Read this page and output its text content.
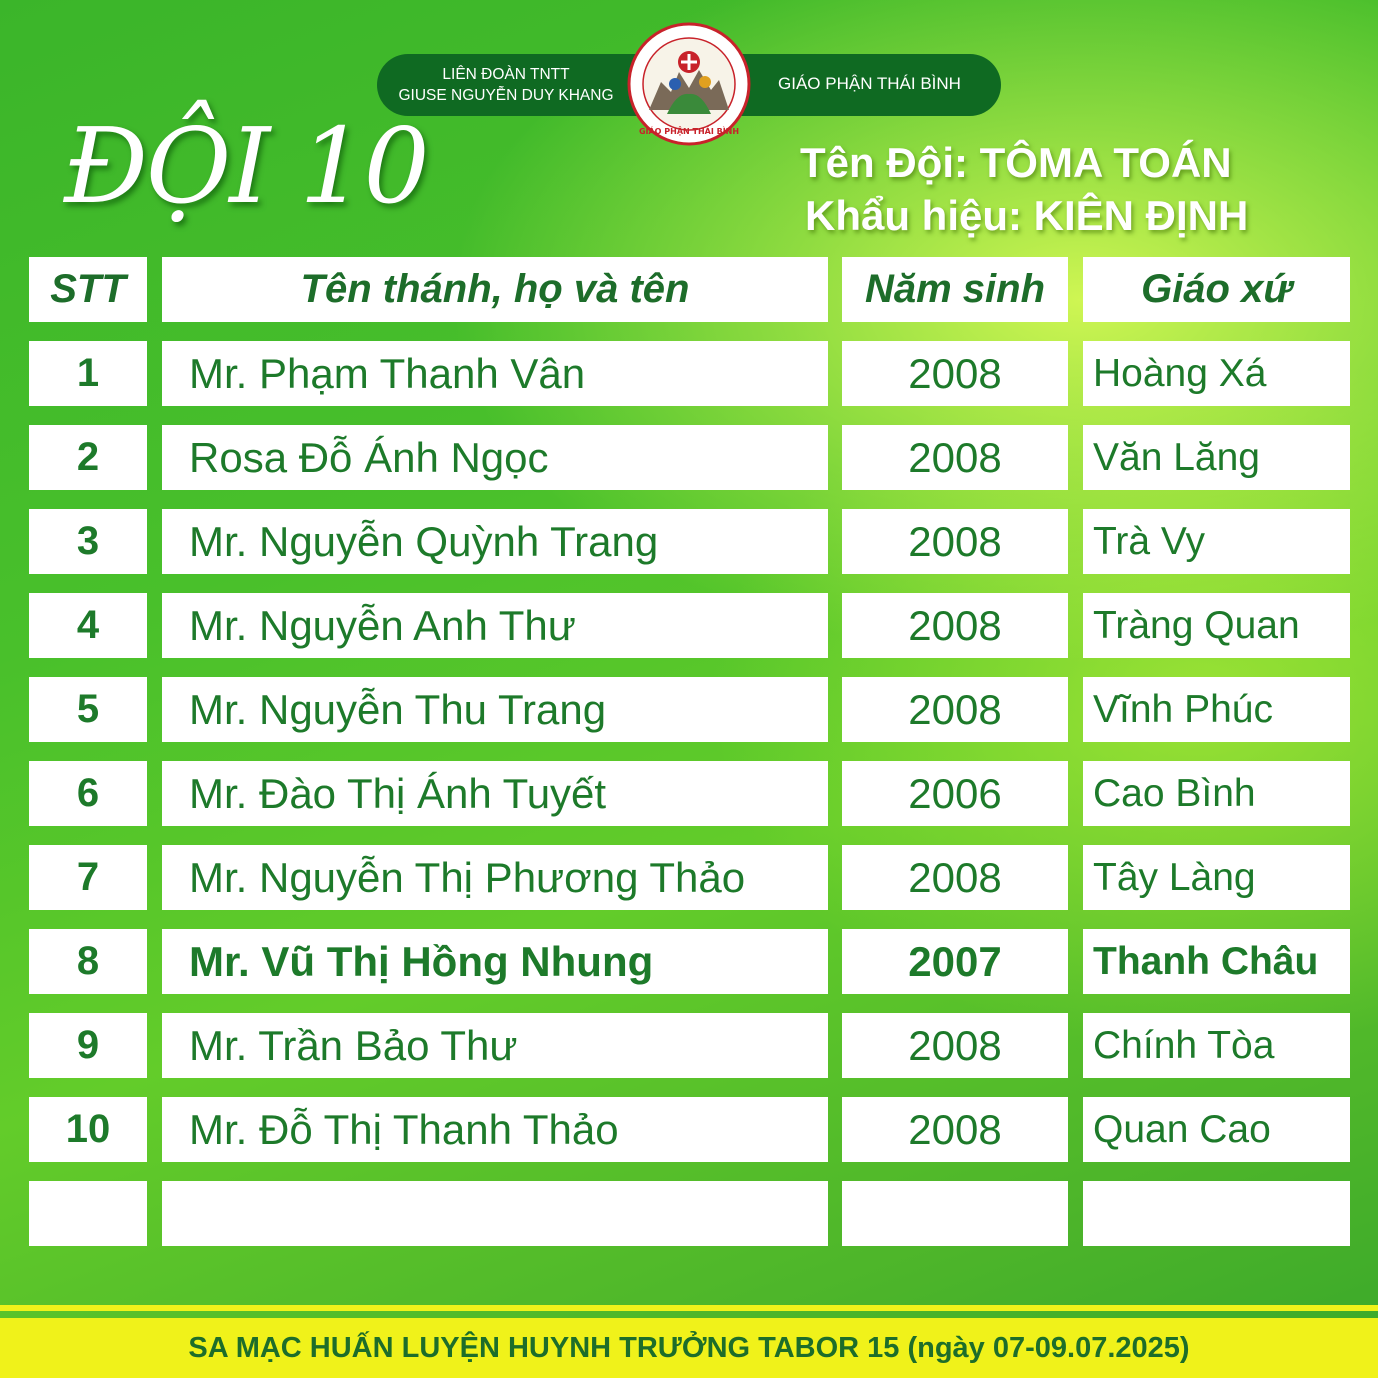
LIÊN ĐOÀN TNTT
GIUSE NGUYỄN DUY KHANG
GIÁO PHẬN THÁI BÌNH
GIÁO PHẬN THÁI BÌNH
ĐỘI 10	Tên Đội: TÔMA TOÁN
Khẩu hiệu: KIÊN ĐỊNH
STT	Tên thánh, họ và tên	Năm sinh	Giáo xứ
1	Mr. Phạm Thanh Vân	2008	Hoàng Xá
2	Rosa Đỗ Ánh Ngọc	2008	Văn Lăng
3	Mr. Nguyễn Quỳnh Trang	2008	Trà Vy
4	Mr. Nguyễn Anh Thư	2008	Tràng Quan
5	Mr. Nguyễn Thu Trang	2008	Vĩnh Phúc
6	Mr. Đào Thị Ánh Tuyết	2006	Cao Bình
7	Mr. Nguyễn Thị Phương Thảo	2008	Tây Làng
8	Mr. Vũ Thị Hồng Nhung	2007	Thanh Châu
9	Mr. Trần Bảo Thư	2008	Chính Tòa
10	Mr. Đỗ Thị Thanh Thảo	2008	Quan Cao
SA MẠC HUẤN LUYỆN HUYNH TRƯỞNG TABOR 15 (ngày 07-09.07.2025)
